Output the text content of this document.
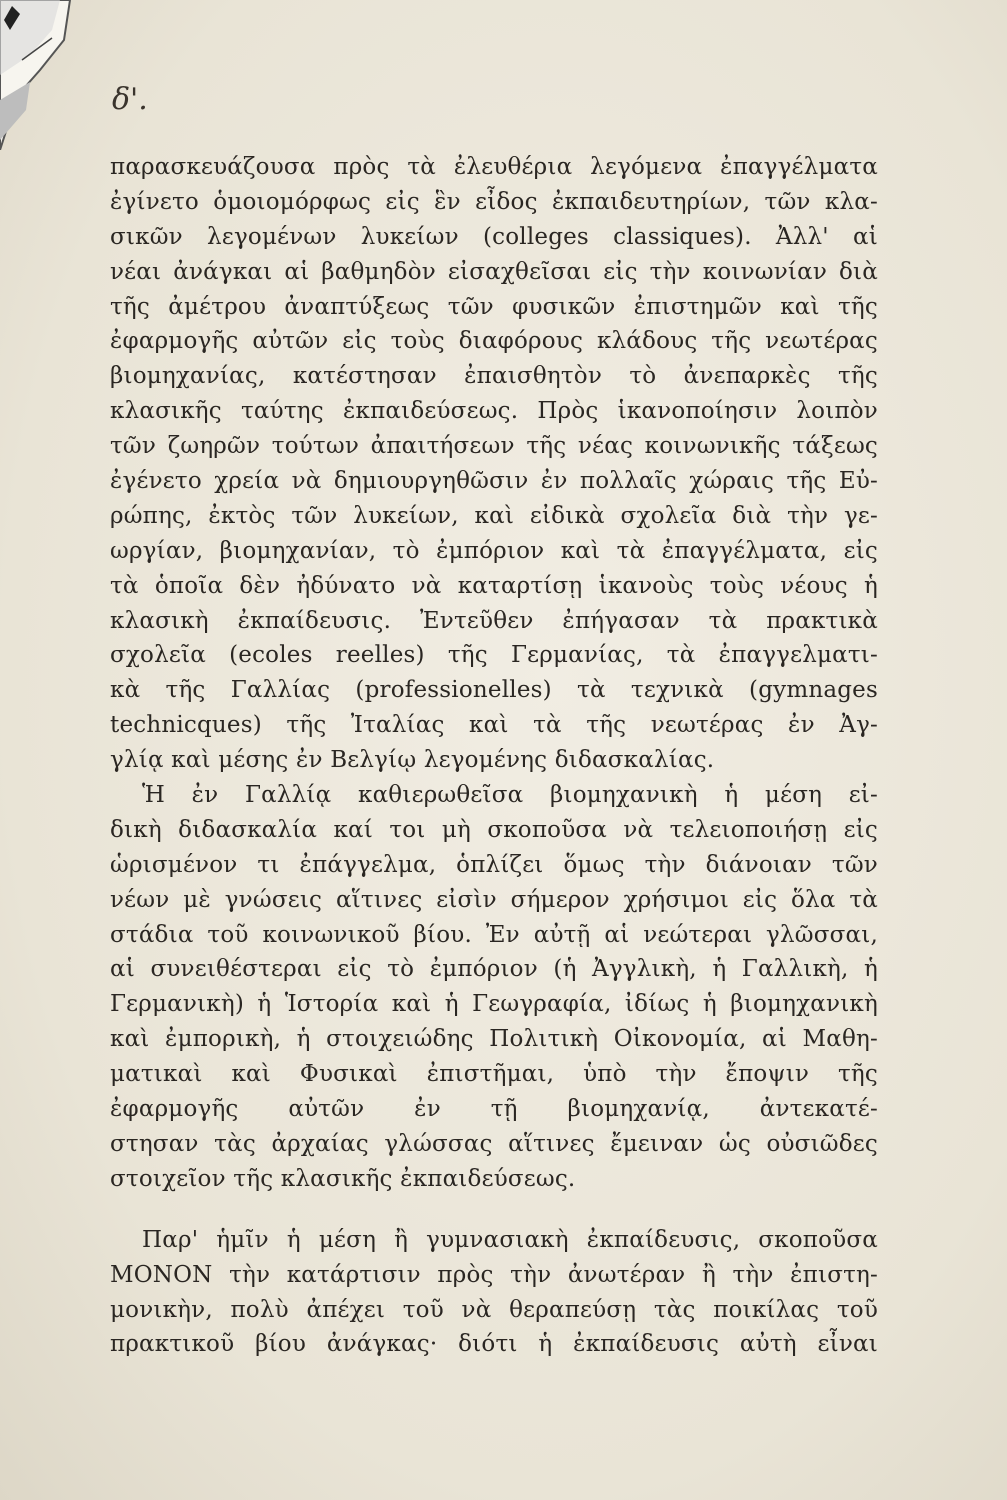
δ'.
παρασκευάζουσα πρὸς τὰ ἐλευθέρια λεγόμενα ἐπαγγέλματα
ἐγίνετο ὁμοιομόρφως εἰς ἓν εἶδος ἐκπαιδευτηρίων, τῶν κλα-
σικῶν λεγομένων λυκείων (colleges classiques). Ἀλλ' αἱ
νέαι ἀνάγκαι αἱ βαθμηδὸν εἰσαχθεῖσαι εἰς τὴν κοινωνίαν διὰ
τῆς ἀμέτρου ἀναπτύξεως τῶν φυσικῶν ἐπιστημῶν καὶ τῆς
ἐφαρμογῆς αὐτῶν εἰς τοὺς διαφόρους κλάδους τῆς νεωτέρας
βιομηχανίας, κατέστησαν ἐπαισθητὸν τὸ ἀνεπαρκὲς τῆς
κλασικῆς ταύτης ἐκπαιδεύσεως. Πρὸς ἱκανοποίησιν λοιπὸν
τῶν ζωηρῶν τούτων ἀπαιτήσεων τῆς νέας κοινωνικῆς τάξεως
ἐγένετο χρεία νὰ δημιουργηθῶσιν ἐν πολλαῖς χώραις τῆς Εὐ-
ρώπης, ἐκτὸς τῶν λυκείων, καὶ εἰδικὰ σχολεῖα διὰ τὴν γε-
ωργίαν, βιομηχανίαν, τὸ ἐμπόριον καὶ τὰ ἐπαγγέλματα, εἰς
τὰ ὁποῖα δὲν ἠδύνατο νὰ καταρτίσῃ ἱκανοὺς τοὺς νέους ἡ
κλασικὴ ἐκπαίδευσις. Ἐντεῦθεν ἐπήγασαν τὰ πρακτικὰ
σχολεῖα (ecoles reelles) τῆς Γερμανίας, τὰ ἐπαγγελματι-
κὰ τῆς Γαλλίας (professionelles) τὰ τεχνικὰ (gymnages
technicques) τῆς Ἰταλίας καὶ τὰ τῆς νεωτέρας ἐν Ἀγ-
γλίᾳ καὶ μέσης ἐν Βελγίῳ λεγομένης διδασκαλίας.
Ἡ ἐν Γαλλίᾳ καθιερωθεῖσα βιομηχανικὴ ἡ μέση εἰ-
δικὴ διδασκαλία καί τοι μὴ σκοποῦσα νὰ τελειοποιήσῃ εἰς
ὡρισμένον τι ἐπάγγελμα, ὁπλίζει ὅμως τὴν διάνοιαν τῶν
νέων μὲ γνώσεις αἵτινες εἰσὶν σήμερον χρήσιμοι εἰς ὅλα τὰ
στάδια τοῦ κοινωνικοῦ βίου. Ἐν αὐτῇ αἱ νεώτεραι γλῶσσαι,
αἱ συνειθέστεραι εἰς τὸ ἐμπόριον (ἡ Ἀγγλικὴ, ἡ Γαλλικὴ, ἡ
Γερμανικὴ) ἡ Ἱστορία καὶ ἡ Γεωγραφία, ἰδίως ἡ βιομηχανικὴ
καὶ ἐμπορικὴ, ἡ στοιχειώδης Πολιτικὴ Οἰκονομία, αἱ Μαθη-
ματικαὶ καὶ Φυσικαὶ ἐπιστῆμαι, ὑπὸ τὴν ἔποψιν τῆς
ἐφαρμογῆς αὐτῶν ἐν τῇ βιομηχανίᾳ, ἀντεκατέ-
στησαν τὰς ἀρχαίας γλώσσας αἵτινες ἔμειναν ὡς οὐσιῶδες
στοιχεῖον τῆς κλασικῆς ἐκπαιδεύσεως.
Παρ' ἡμῖν ἡ μέση ἢ γυμνασιακὴ ἐκπαίδευσις, σκοποῦσα
ΜΟΝΟΝ τὴν κατάρτισιν πρὸς τὴν ἀνωτέραν ἢ τὴν ἐπιστη-
μονικὴν, πολὺ ἀπέχει τοῦ νὰ θεραπεύσῃ τὰς ποικίλας τοῦ
πρακτικοῦ βίου ἀνάγκας· διότι ἡ ἐκπαίδευσις αὐτὴ εἶναι
